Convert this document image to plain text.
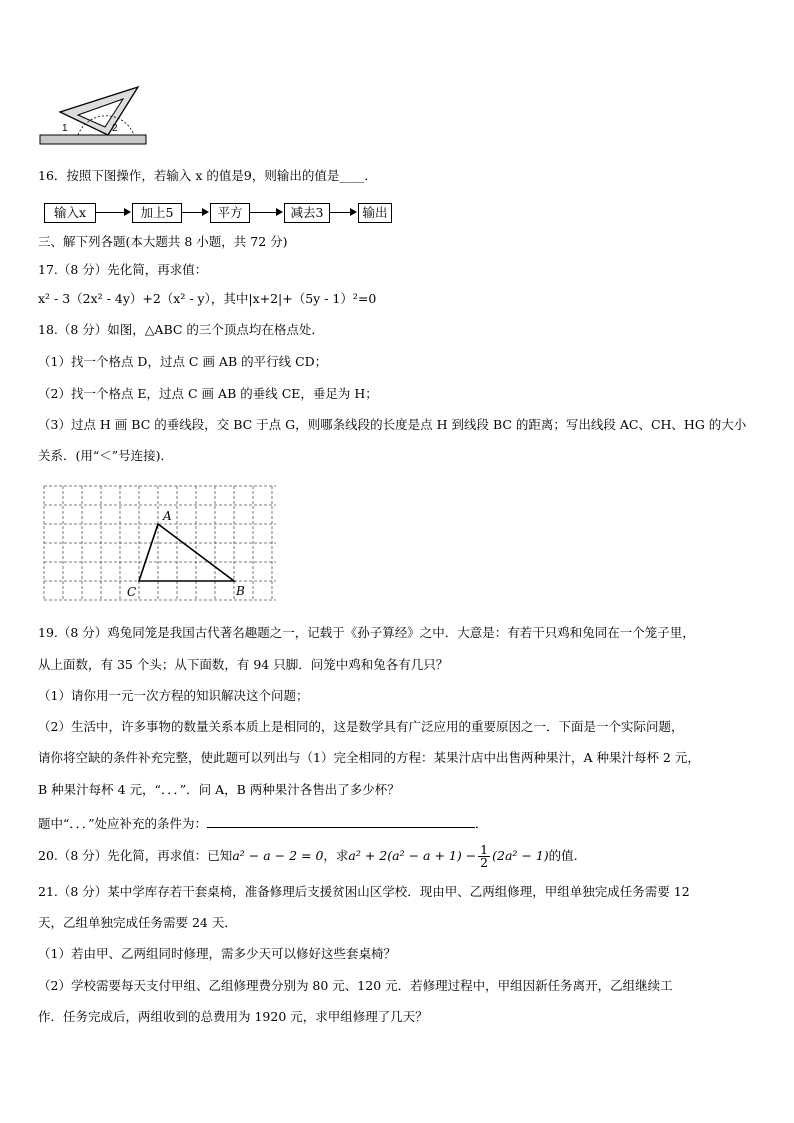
1	2
16．按照下图操作，若输入 x 的值是9，则输出的值是____．
输入x	加上5	平方	减去3	输出
三、解下列各题(本大题共 8 小题，共 72 分)
17.（8 分）先化简，再求值：
x² - 3（2x² - 4y）+2（x² - y），其中|x+2|+（5y - 1）²=0
18.（8 分）如图，△ABC 的三个顶点均在格点处．
（1）找一个格点 D，过点 C 画 AB 的平行线 CD；
（2）找一个格点 E，过点 C 画 AB 的垂线 CE，垂足为 H；
（3）过点 H 画 BC 的垂线段，交 BC 于点 G，则哪条线段的长度是点 H 到线段 BC 的距离；写出线段 AC、CH、HG 的大小
关系．(用“＜”号连接)．
A
B
C
19.（8 分）鸡兔同笼是我国古代著名趣题之一，记载于《孙子算经》之中．大意是：有若干只鸡和兔同在一个笼子里，
从上面数，有 35 个头；从下面数，有 94 只脚．问笼中鸡和兔各有几只？
（1）请你用一元一次方程的知识解决这个问题；
（2）生活中，许多事物的数量关系本质上是相同的，这是数学具有广泛应用的重要原因之一．下面是一个实际问题，
请你将空缺的条件补充完整，使此题可以列出与（1）完全相同的方程：某果汁店中出售两种果汁，A 种果汁每杯 2 元，
B 种果汁每杯 4 元，“．．．”．问 A，B 两种果汁各售出了多少杯？
题中“．．．”处应补充的条件为：	．
20.（8 分）先化简，再求值：已知a² − a − 2 = 0，求$a^2 + 2(a^2 - a + 1) - \frac{1}{2} (2a^2 - 1)$的值.
21.（8 分）某中学库存若干套桌椅，准备修理后支援贫困山区学校．现由甲、乙两组修理，甲组单独完成任务需要 12
天，乙组单独完成任务需要 24 天．
（1）若由甲、乙两组同时修理，需多少天可以修好这些套桌椅？
（2）学校需要每天支付甲组、乙组修理费分别为 80 元、120 元．若修理过程中，甲组因新任务离开，乙组继续工
作．任务完成后，两组收到的总费用为 1920 元，求甲组修理了几天？
